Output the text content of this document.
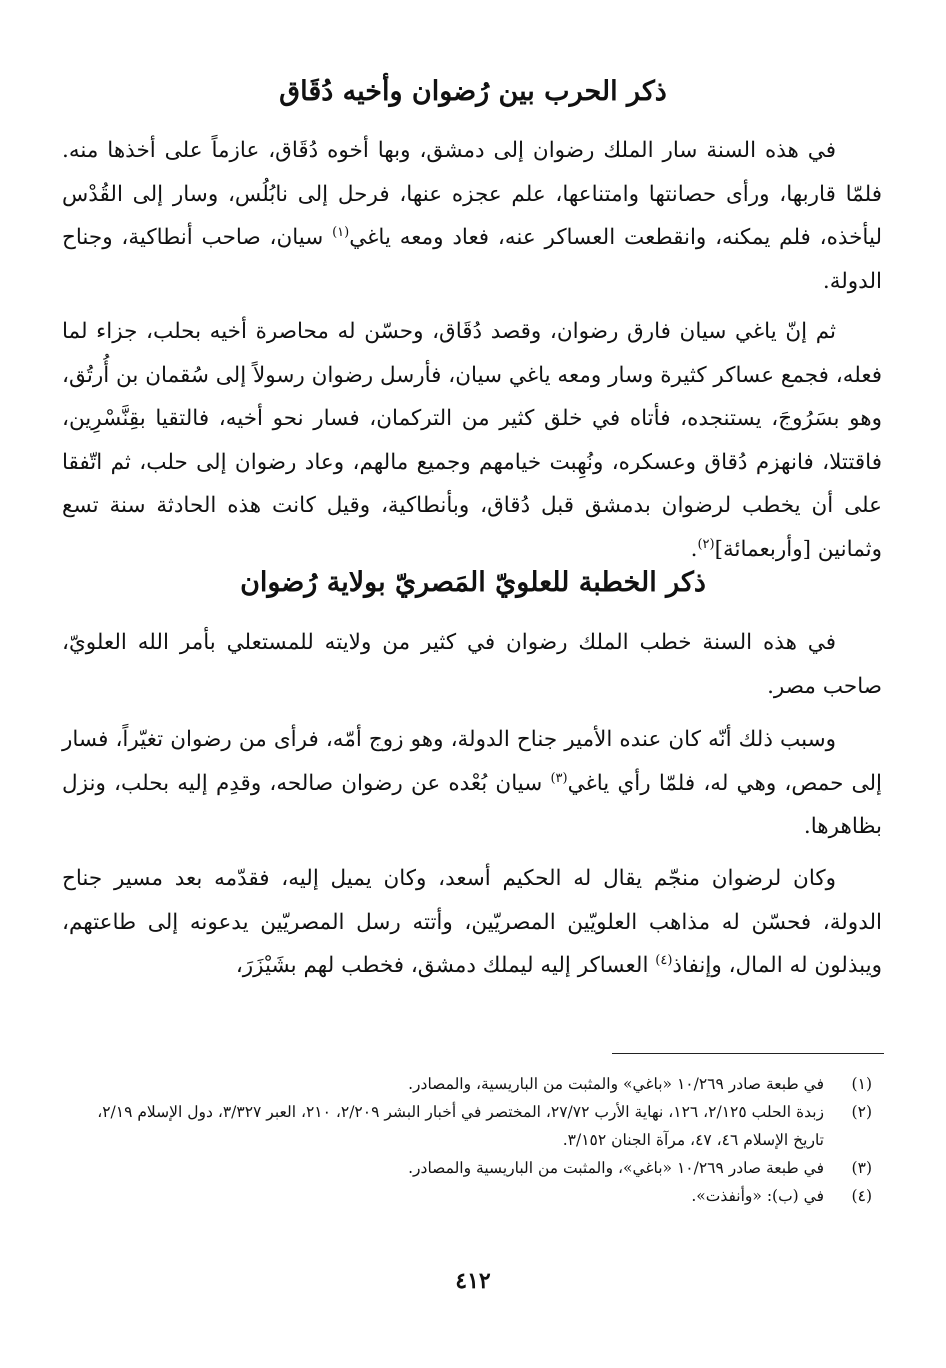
ذكر الحرب بين رُضوان وأخيه دُقَاق

في هذه السنة سار الملك رضوان إلى دمشق، وبها أخوه دُقَاق، عازماً على أخذها منه. فلمّا قاربها، ورأى حصانتها وامتناعها، علم عجزه عنها، فرحل إلى نابُلُس، وسار إلى القُدْس ليأخذه، فلم يمكنه، وانقطعت العساكر عنه، فعاد ومعه ياغي$^{(١)}$ سيان، صاحب أنطاكية، وجناح الدولة.

ثم إنّ ياغي سيان فارق رضوان، وقصد دُقَاق، وحسّن له محاصرة أخيه بحلب، جزاء لما فعله، فجمع عساكر كثيرة وسار ومعه ياغي سيان، فأرسل رضوان رسولاً إلى سُقمان بن أُرتُق، وهو بسَرُوجَ، يستنجده، فأتاه في خلق كثير من التركمان، فسار نحو أخيه، فالتقيا بقِنَّسْرِين، فاقتتلا، فانهزم دُقاق وعسكره، ونُهِبت خيامهم وجميع مالهم، وعاد رضوان إلى حلب، ثم اتّفقا على أن يخطب لرضوان بدمشق قبل دُقاق، وبأنطاكية، وقيل كانت هذه الحادثة سنة تسع وثمانين [وأربعمائة]$^{(٢)}$.

ذكر الخطبة للعلويّ المَصريّ بولاية رُضوان

في هذه السنة خطب الملك رضوان في كثير من ولايته للمستعلي بأمر الله العلويّ، صاحب مصر.

وسبب ذلك أنّه كان عنده الأمير جناح الدولة، وهو زوج أمّه، فرأى من رضوان تغيّراً، فسار إلى حمص، وهي له، فلمّا رأي ياغي$^{(٣)}$ سيان بُعْده عن رضوان صالحه، وقدِم إليه بحلب، ونزل بظاهرها.

وكان لرضوان منجّم يقال له الحكيم أسعد، وكان يميل إليه، فقدّمه بعد مسير جناح الدولة، فحسّن له مذاهب العلويّين المصريّين، وأتته رسل المصريّين يدعونه إلى طاعتهم، ويبذلون له المال، وإنفاذ$^{(٤)}$ العساكر إليه ليملك دمشق، فخطب لهم بشَيْزَرَ،

(١)
في طبعة صادر ١٠/٢٦٩ «باغي» والمثبت من الباريسية، والمصادر.
(٢)
زبدة الحلب ٢/١٢٥، ١٢٦، نهاية الأرب ٢٧/٧٢، المختصر في أخبار البشر ٢/٢٠٩، ٢١٠، العبر ٣/٣٢٧، دول الإسلام ٢/١٩، تاريخ الإسلام ٤٦، ٤٧، مرآة الجنان ٣/١٥٢.
(٣)
في طبعة صادر ١٠/٢٦٩ «باغي»، والمثبت من الباريسية والمصادر.
(٤)
في (ب): «وأنفذت».
٤١٢
